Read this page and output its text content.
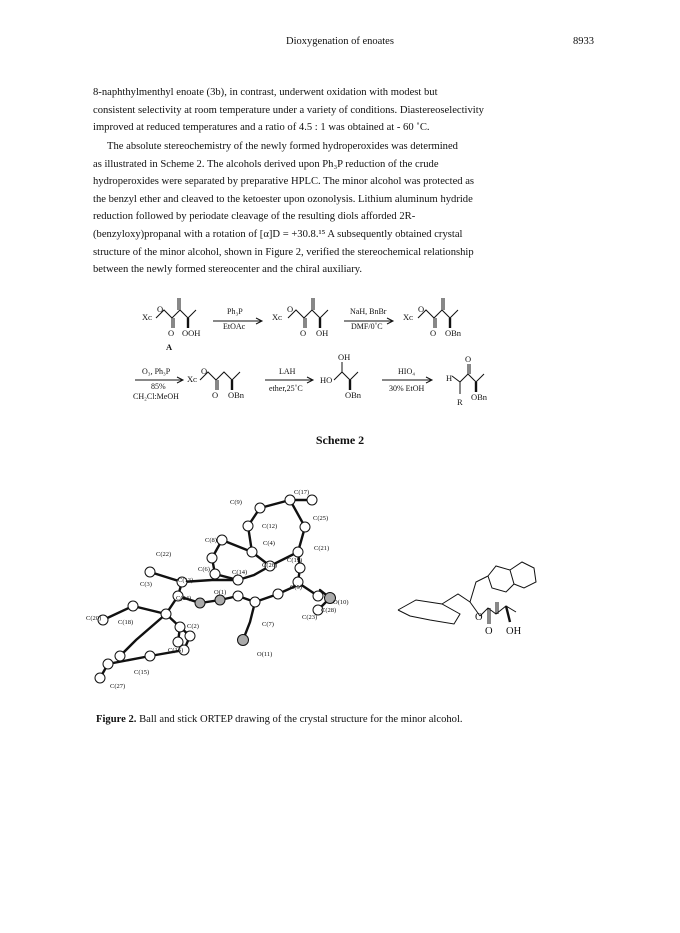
Dioxygenation of enoates	8933

8-naphthylmenthyl enoate (3b), in contrast, underwent oxidation with modest but
consistent selectivity at room temperature under a variety of conditions. Diastereoselectivity
improved at reduced temperatures and a ratio of 4.5 : 1 was obtained at - 60 ˚C.

The absolute stereochemistry of the newly formed hydroperoxides was determined
as illustrated in Scheme 2. The alcohols derived upon Ph₃P reduction of the crude
hydroperoxides were separated by preparative HPLC. The minor alcohol was protected as
the benzyl ether and cleaved to the ketoester upon ozonolysis. Lithium aluminum hydride
reduction followed by periodate cleavage of the resulting diols afforded 2R-
(benzyloxy)propanal with a rotation of [α]D = +30.8.¹⁵ A subsequently obtained crystal
structure of the minor alcohol, shown in Figure 2, verified the stereochemical relationship
between the newly formed stereocenter and the chiral auxiliary.

Xᴄ
O
O OOH
A
Ph₃P
EtOAc
Xᴄ
O
O OH
NaH, BnBr
DMF/0˚C
Xᴄ
O
O OBn
O₃, Ph₃P
85%
CH₂Cl:MeOH
Xᴄ
O
O OBn
LAH
ether,25˚C
HO
OH
OBn
HIO₄
30% EtOH
H
O
OBn
R
Scheme 2
C(17)
C(9)
C(25)
C(12)
C(8)	C(4)
C(21)
C(22)
C(6)
C(26)
C(19)
C(14)
C(3)
C(13)
C(24)
O(1)
C(5)
O(10)
C(28)
C(23)
C(20)
C(18)
C(2)	C(7)
C(16)
O(11)
C(15)
C(27)
O
O OH
Figure 2. Ball and stick ORTEP drawing of the crystal structure for the minor alcohol.
